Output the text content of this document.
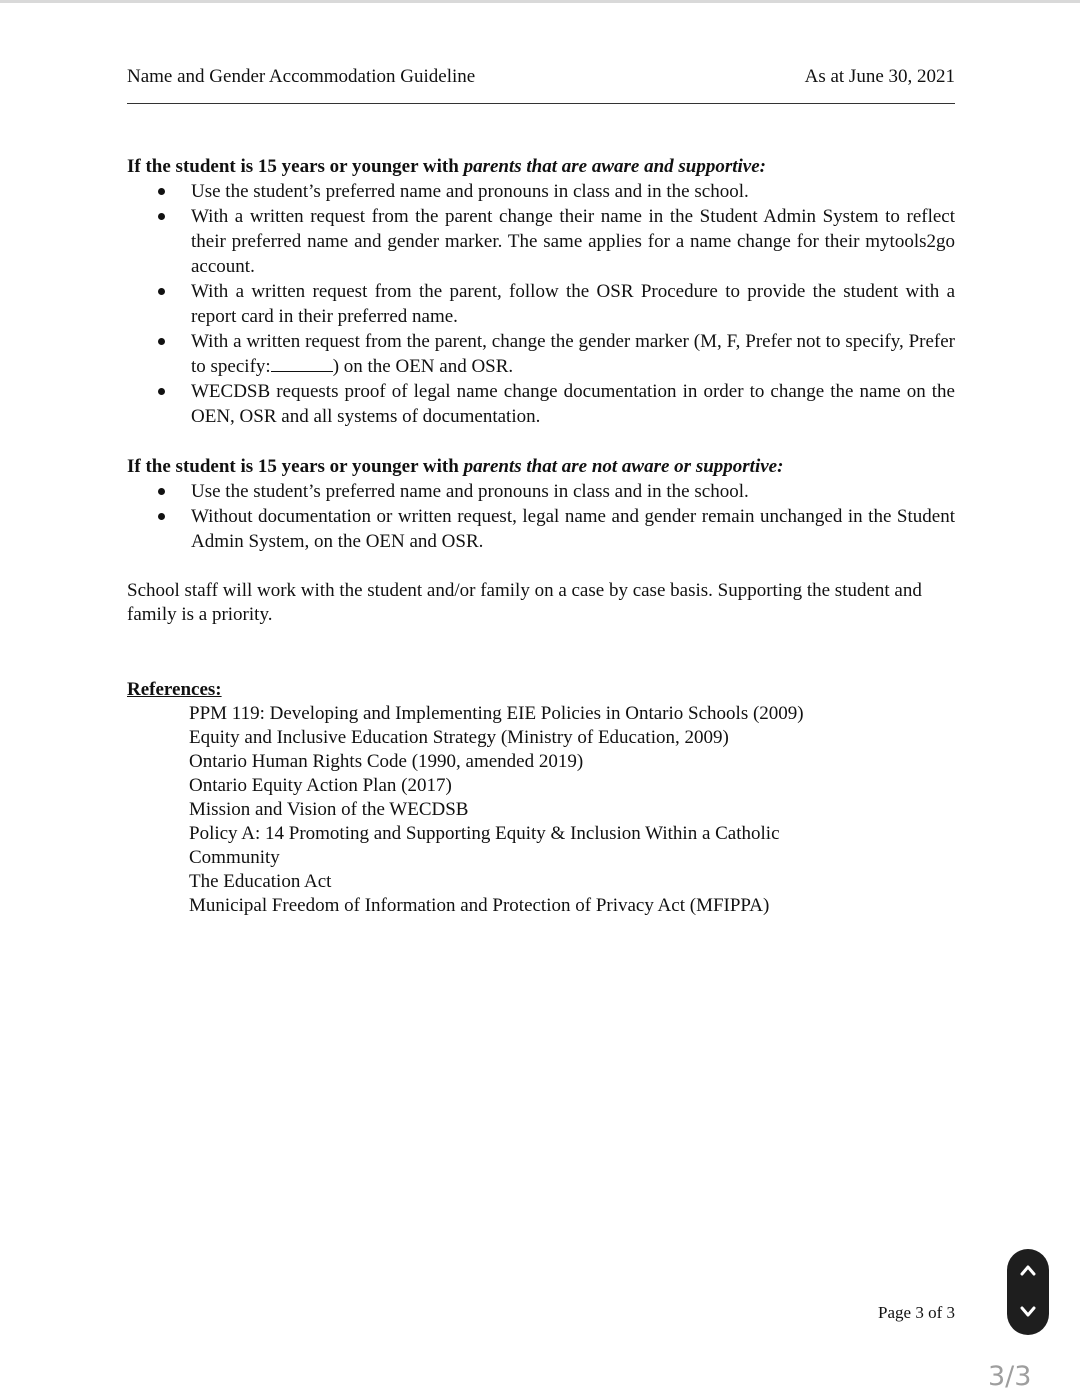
Name and Gender Accommodation Guideline	As at June 30, 2021
If the student is 15 years or younger with parents that are aware and supportive:
Use the student’s preferred name and pronouns in class and in the school.
With a written request from the parent change their name in the Student Admin System to reflect their preferred name and gender marker. The same applies for a name change for their mytools2go account.
With a written request from the parent, follow the OSR Procedure to provide the student with a report card in their preferred name.
With a written request from the parent, change the gender marker (M, F, Prefer not to specify, Prefer to specify:	) on the OEN and OSR.
WECDSB requests proof of legal name change documentation in order to change the name on the OEN, OSR and all systems of documentation.
If the student is 15 years or younger with parents that are not aware or supportive:
Use the student’s preferred name and pronouns in class and in the school.
Without documentation or written request, legal name and gender remain unchanged in the Student Admin System, on the OEN and OSR.
School staff will work with the student and/or family on a case by case basis. Supporting the student and family is a priority.
References:
PPM 119: Developing and Implementing EIE Policies in Ontario Schools (2009)
Equity and Inclusive Education Strategy (Ministry of Education, 2009)
Ontario Human Rights Code (1990, amended 2019)
Ontario Equity Action Plan (2017)
Mission and Vision of the WECDSB
Policy A: 14 Promoting and Supporting Equity & Inclusion Within a Catholic Community
The Education Act
Municipal Freedom of Information and Protection of Privacy Act (MFIPPA)
Page 3 of 3
3/3
